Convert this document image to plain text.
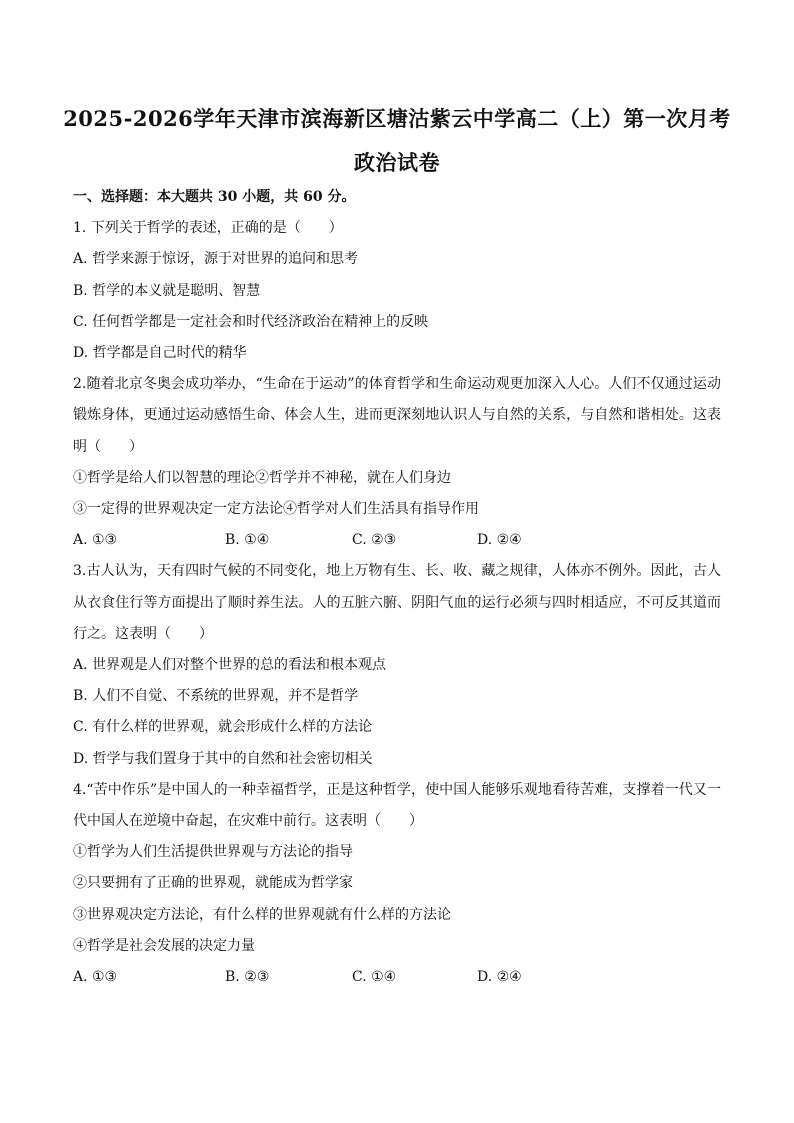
2025-2026学年天津市滨海新区塘沽紫云中学高二（上）第一次月考
政治试卷
一、选择题：本大题共 30 小题，共 60 分。
1. 下列关于哲学的表述，正确的是（　　）
A. 哲学来源于惊讶，源于对世界的追问和思考
B. 哲学的本义就是聪明、智慧
C. 任何哲学都是一定社会和时代经济政治在精神上的反映
D. 哲学都是自己时代的精华
2.随着北京冬奥会成功举办，“生命在于运动”的体育哲学和生命运动观更加深入人心。人们不仅通过运动锻炼身体，更通过运动感悟生命、体会人生，进而更深刻地认识人与自然的关系，与自然和谐相处。这表明（　　）
①哲学是给人们以智慧的理论②哲学并不神秘，就在人们身边
③一定得的世界观决定一定方法论④哲学对人们生活具有指导作用
A. ①③	B. ①④	C. ②③	D. ②④
3.古人认为，天有四时气候的不同变化，地上万物有生、长、收、藏之规律，人体亦不例外。因此，古人从衣食住行等方面提出了顺时养生法。人的五脏六腑、阴阳气血的运行必须与四时相适应，不可反其道而行之。这表明（　　）
A. 世界观是人们对整个世界的总的看法和根本观点
B. 人们不自觉、不系统的世界观，并不是哲学
C. 有什么样的世界观，就会形成什么样的方法论
D. 哲学与我们置身于其中的自然和社会密切相关
4.“苦中作乐”是中国人的一种幸福哲学，正是这种哲学，使中国人能够乐观地看待苦难，支撑着一代又一代中国人在逆境中奋起，在灾难中前行。这表明（　　）
①哲学为人们生活提供世界观与方法论的指导
②只要拥有了正确的世界观，就能成为哲学家
③世界观决定方法论，有什么样的世界观就有什么样的方法论
④哲学是社会发展的决定力量
A. ①③	B. ②③	C. ①④	D. ②④
